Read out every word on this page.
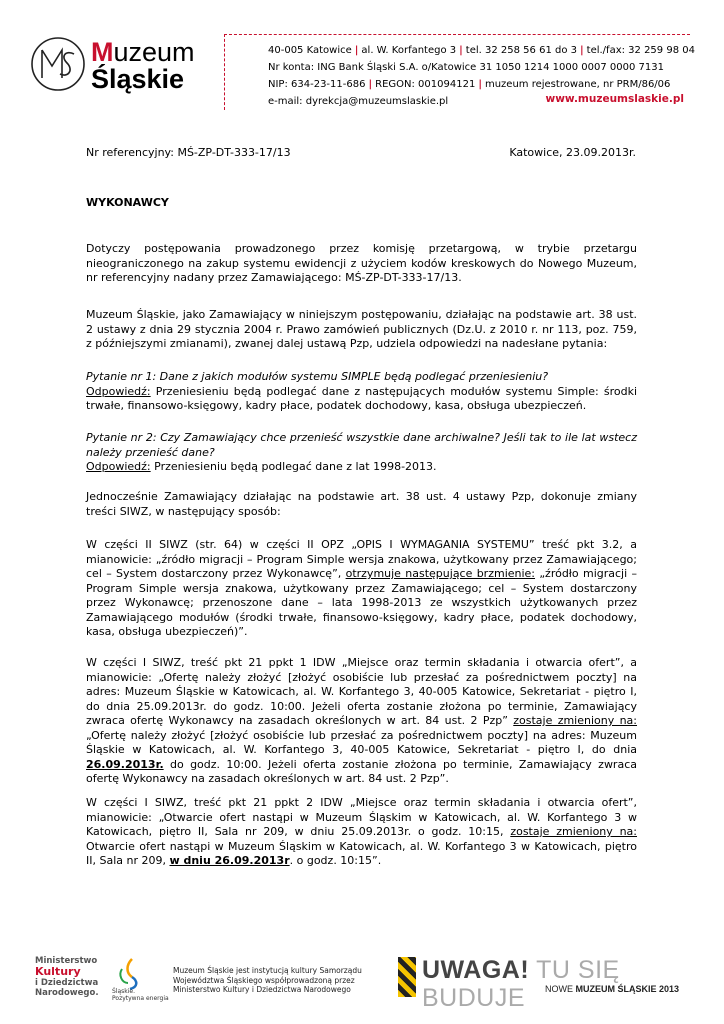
Muzeum
Śląskie
40-005 Katowice | al. W. Korfantego 3 | tel. 32 258 56 61 do 3 | tel./fax: 32 259 98 04
Nr konta: ING Bank Śląski S.A. o/Katowice 31 1050 1214 1000 0007 0000 7131
NIP: 634-23-11-686 | REGON: 001094121 | muzeum rejestrowane, nr PRM/86/06
e-mail: dyrekcja@muzeumslaskie.pl	www.muzeumslaskie.pl
Nr referencyjny: MŚ-ZP-DT-333-17/13	Katowice, 23.09.2013r.
WYKONAWCY
Dotyczy postępowania prowadzonego przez komisję przetargową, w trybie przetargu nieograniczonego na zakup systemu ewidencji z użyciem kodów kreskowych do Nowego Muzeum, nr referencyjny nadany przez Zamawiającego: MŚ-ZP-DT-333-17/13.
Muzeum Śląskie, jako Zamawiający w niniejszym postępowaniu, działając na podstawie art. 38 ust. 2 ustawy z dnia 29 stycznia 2004 r. Prawo zamówień publicznych (Dz.U. z 2010 r. nr 113, poz. 759, z późniejszymi zmianami), zwanej dalej ustawą Pzp, udziela odpowiedzi na nadesłane pytania:
Pytanie nr 1: Dane z jakich modułów systemu SIMPLE będą podlegać przeniesieniu?
Odpowiedź: Przeniesieniu będą podlegać dane z następujących modułów systemu Simple: środki trwałe, finansowo-księgowy, kadry płace, podatek dochodowy, kasa, obsługa ubezpieczeń.
Pytanie nr 2: Czy Zamawiający chce przenieść wszystkie dane archiwalne? Jeśli tak to ile lat wstecz należy przenieść dane?
Odpowiedź: Przeniesieniu będą podlegać dane z lat 1998-2013.
Jednocześnie Zamawiający działając na podstawie art. 38 ust. 4 ustawy Pzp, dokonuje zmiany treści SIWZ, w następujący sposób:
W części II SIWZ (str. 64) w części II OPZ „OPIS I WYMAGANIA SYSTEMU” treść pkt 3.2, a mianowicie: „źródło migracji – Program Simple wersja znakowa, użytkowany przez Zamawiającego; cel – System dostarczony przez Wykonawcę”, otrzymuje następujące brzmienie: „źródło migracji – Program Simple wersja znakowa, użytkowany przez Zamawiającego; cel – System dostarczony przez Wykonawcę; przenoszone dane – lata 1998-2013 ze wszystkich użytkowanych przez Zamawiającego modułów (środki trwałe, finansowo-księgowy, kadry płace, podatek dochodowy, kasa, obsługa ubezpieczeń)”.
W części I SIWZ, treść pkt 21 ppkt 1 IDW „Miejsce oraz termin składania i otwarcia ofert”, a mianowicie: „Ofertę należy złożyć [złożyć osobiście lub przesłać za pośrednictwem poczty] na adres: Muzeum Śląskie w Katowicach, al. W. Korfantego 3, 40-005 Katowice, Sekretariat - piętro I, do dnia 25.09.2013r. do godz. 10:00. Jeżeli oferta zostanie złożona po terminie, Zamawiający zwraca ofertę Wykonawcy na zasadach określonych w art. 84 ust. 2 Pzp” zostaje zmieniony na: „Ofertę należy złożyć [złożyć osobiście lub przesłać za pośrednictwem poczty] na adres: Muzeum Śląskie w Katowicach, al. W. Korfantego 3, 40-005 Katowice, Sekretariat - piętro I, do dnia 26.09.2013r. do godz. 10:00. Jeżeli oferta zostanie złożona po terminie, Zamawiający zwraca ofertę Wykonawcy na zasadach określonych w art. 84 ust. 2 Pzp”.
W części I SIWZ, treść pkt 21 ppkt 2 IDW „Miejsce oraz termin składania i otwarcia ofert”, mianowicie: „Otwarcie ofert nastąpi w Muzeum Śląskim w Katowicach, al. W. Korfantego 3 w Katowicach, piętro II, Sala nr 209, w dniu 25.09.2013r. o godz. 10:15, zostaje zmieniony na: Otwarcie ofert nastąpi w Muzeum Śląskim w Katowicach, al. W. Korfantego 3 w Katowicach, piętro II, Sala nr 209, w dniu 26.09.2013r. o godz. 10:15”.
Ministerstwo
Kultury
i Dziedzictwa
Narodowego. Śląskie.
Pozytywna energia
Muzeum Śląskie jest instytucją kultury Samorządu
Województwa Śląskiego współprowadzoną przez
Ministerstwo Kultury i Dziedzictwa Narodowego
UWAGA! TU SIĘ BUDUJE	NOWE MUZEUM ŚLĄSKIE 2013
